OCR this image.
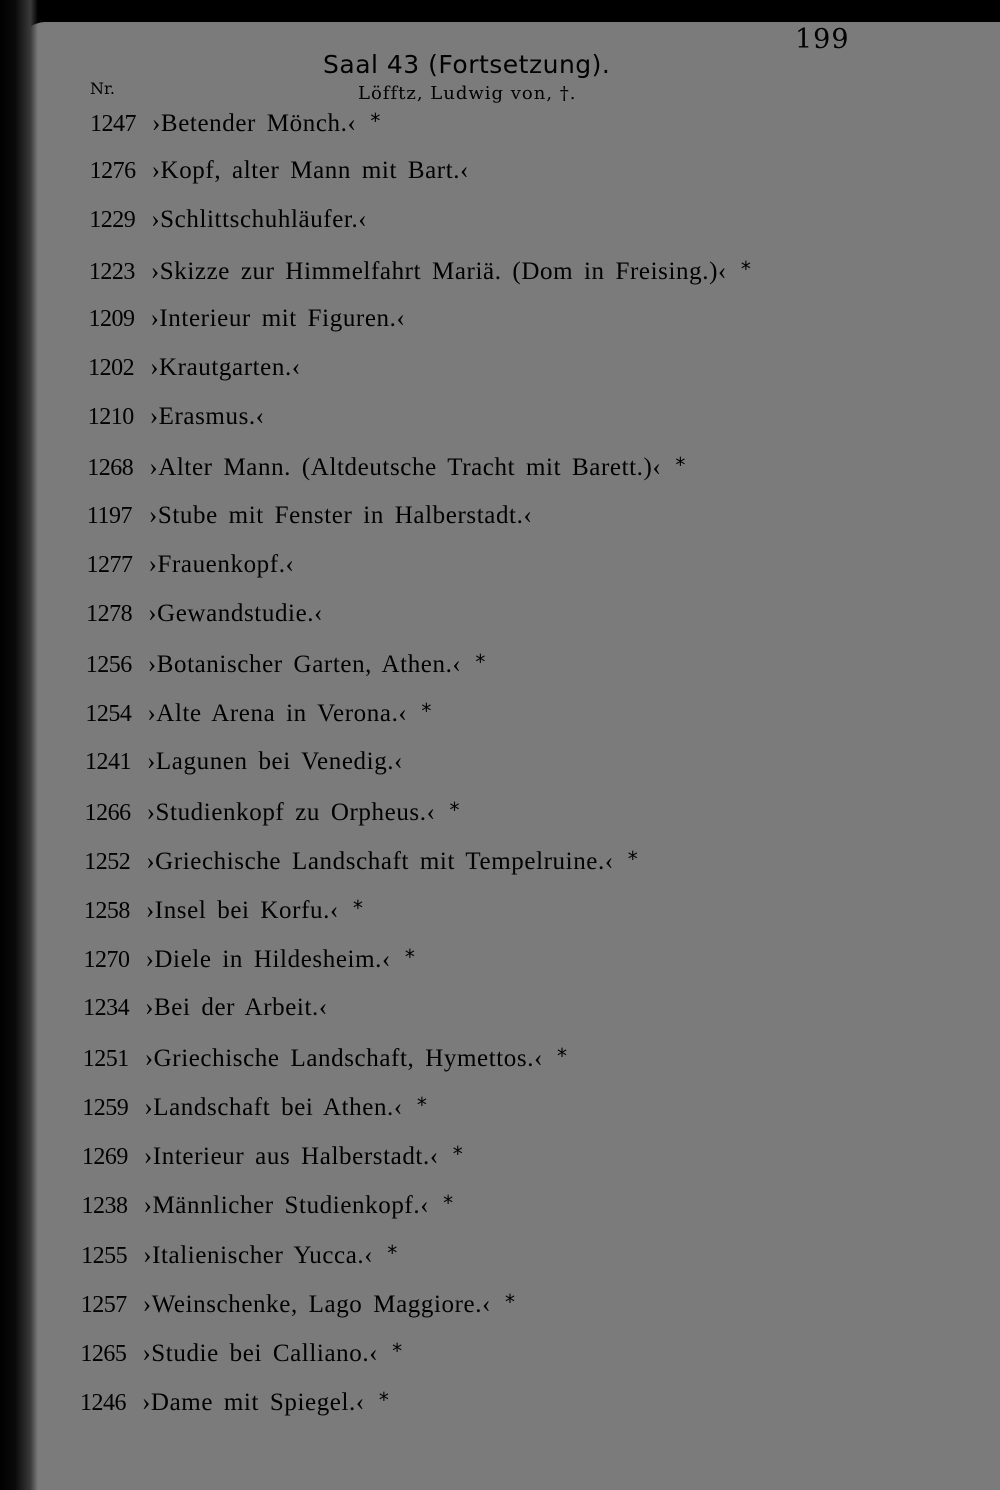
199
Saal 43 (Fortsetzung).
Nr.	Löfftz, Ludwig von, †.
1247 ›Betender Mönch.‹ *
1276 ›Kopf, alter Mann mit Bart.‹
1229 ›Schlittschuhläufer.‹
1223 ›Skizze zur Himmelfahrt Mariä. (Dom in Freising.)‹ *
1209 ›Interieur mit Figuren.‹
1202 ›Krautgarten.‹
1210 ›Erasmus.‹
1268 ›Alter Mann. (Altdeutsche Tracht mit Barett.)‹ *
1197 ›Stube mit Fenster in Halberstadt.‹
1277 ›Frauenkopf.‹
1278 ›Gewandstudie.‹
1256 ›Botanischer Garten, Athen.‹ *
1254 ›Alte Arena in Verona.‹ *
1241 ›Lagunen bei Venedig.‹
1266 ›Studienkopf zu Orpheus.‹ *
1252 ›Griechische Landschaft mit Tempelruine.‹ *
1258 ›Insel bei Korfu.‹ *
1270 ›Diele in Hildesheim.‹ *
1234 ›Bei der Arbeit.‹
1251 ›Griechische Landschaft, Hymettos.‹ *
1259 ›Landschaft bei Athen.‹ *
1269 ›Interieur aus Halberstadt.‹ *
1238 ›Männlicher Studienkopf.‹ *
1255 ›Italienischer Yucca.‹ *
1257 ›Weinschenke, Lago Maggiore.‹ *
1265 ›Studie bei Calliano.‹ *
1246 ›Dame mit Spiegel.‹ *
